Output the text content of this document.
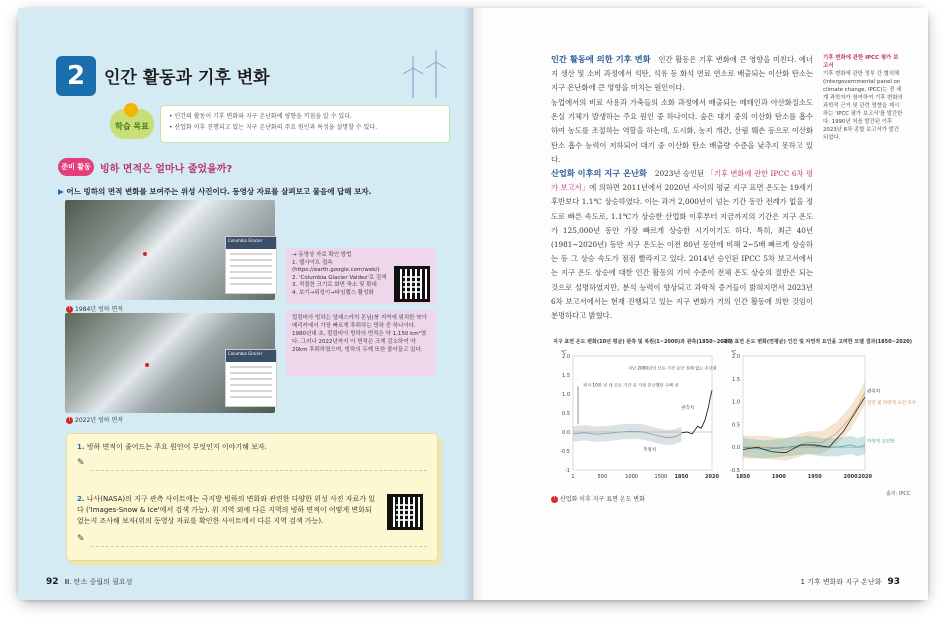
2	인간 활동과 기후 변화
학습 목표
• 인간의 활동이 기후 변화와 지구 온난화에 영향을 끼침을 알 수 있다.
• 산업화 이후 진행되고 있는 지구 온난화의 주요 원인과 특성을 설명할 수 있다.
준비 활동 빙하 면적은 얼마나 줄었을까?
▶ 어느 빙하의 면적 변화를 보여주는 위성 사진이다. 동영상 자료를 살펴보고 물음에 답해 보자.
Columbia Glacier
! 1984년 빙하 면적
Columbia Glacier
! 2022년 빙하 면적
→ 동영상 자료 확인 방법
1. 웹사이트 접속
(https://earth.google.com/web/)
2. 'Columbia Glacier Valdez'로 검색
3. 적절한 크기로 화면 축소 및 확대
4. 보기→위성이→타임랩스 활성화
컬럼비아 빙하는 알래스카의 몬님(북 지역에 위치한 북아메리카에서 가장 빠르게 후퇴하는 빙하 중 하나이다. 1980년대 초, 컬럼비아 빙하의 면적은 약 1,150 km²였다. 그러나 2022년까지 이 면적은 크게 감소하여 약 20km 후퇴하였으며, 빙하의 두께 또한 줄어들고 있다.
1. 빙하 면적이 줄어드는 주요 원인이 무엇인지 이야기해 보자.
✎
2. 나사(NASA)의 지구 관측 사이트에는 극지방 빙하의 변화와 관련한 다양한 위성 사진 자료가 있다 ('Images-Snow & Ice'에서 검색 가능). 위 지역 외에 다른 지역의 빙하 면적이 어떻게 변화되었는지 조사해 보자(위의 동영상 자료를 확인한 사이트에서 다른 지역 검색 가능).
✎
92 Ⅲ. 탄소 중립의 필요성
인간 활동에 의한 기후 변화 인간 활동은 기후 변화에 큰 영향을 미친다. 에너지 생산 및 소비 과정에서 석탄, 석유 등 화석 연료 연소로 배출되는 이산화 탄소는 지구 온난화에 큰 영향을 미치는 원인이다.
농업에서의 비료 사용과 가축들의 소화 과정에서 배출되는 메테인과 아산화질소도 온실 기체가 발생하는 주요 원인 중 하나이다. 숲은 대기 중의 이산화 탄소를 흡수하여 농도를 조절하는 역할을 하는데, 도시화, 농지 개간, 산림 훼손 등으로 이산화 탄소 흡수 능력이 저하되어 대기 중 이산화 탄소 배출량 수준을 낮추지 못하고 있다.
산업화 이후의 지구 온난화 2023년 승인된 「기후 변화에 관한 IPCC 6차 평가 보고서」에 의하면 2011년에서 2020년 사이의 평균 지구 표면 온도는 19세기 후반보다 1.1℃ 상승하였다. 이는 과거 2,000년이 넘는 기간 동안 전례가 없을 정도로 빠른 속도로, 1.1℃가 상승한 산업화 이후부터 지금까지의 기간은 지구 온도가 125,000년 동안 가장 빠르게 상승한 시기이기도 하다. 특히, 최근 40년(1981~2020년) 동안 지구 온도는 이전 80년 동안에 비해 2~5배 빠르게 상승하는 등 그 상승 속도가 점점 빨라지고 있다. 2014년 승인된 IPCC 5차 보고서에서는 지구 온도 상승에 대한 인간 활동의 기여 수준이 전체 온도 상승의 절반은 되는 것으로 설명하였지만, 분석 능력이 향상되고 과학적 증거들이 밝혀지면서 2023년 6차 보고서에서는 현재 진행되고 있는 지구 변화가 거의 인간 활동에 의한 것임이 분명하다고 밝혔다.
기후 변화에 관한 IPCC 평가 보고서
기후 변화에 관한 정부 간 협의체(intergovernmental panel on climate change, IPCC)는 전 세계 과학자가 참여하여 기후 변화의 과학적 근거 및 관련 영향을 제시하는 'IPCC 평가 보고서'를 발간한다. 1990년 처음 발간된 이후 2023년 6차 종합 보고서가 발간되었다.
지구 표면 온도 변화(10년 평균) 관측 및 복원(1~2000)과 관측(1850~2020)
-1
-0.5
0.0
0.5
1.0
1.5
2.0
1	500	1000	1500 1850	2020
℃
지난 2000년의 모든 기간 동안 전례 없는 온난화
관측치
과거 10만 년 내 모든 기간 중 가장 온난했던 수백 년
추정치
지구 표면 온도 변화(연평균) 인간 및 자연적 요인을 고려한 모델 결과(1850~2020)
-0.5
0.0
0.5
1.0
1.5
2.0
1850	1900	1950	2000 2020
℃
관측치
인간 및 자연적 요인 모두
자연적 요인만
! 산업화 이후 지구 표면 온도 변화
출처: IPCC
1 기후 변화와 지구 온난화 93
